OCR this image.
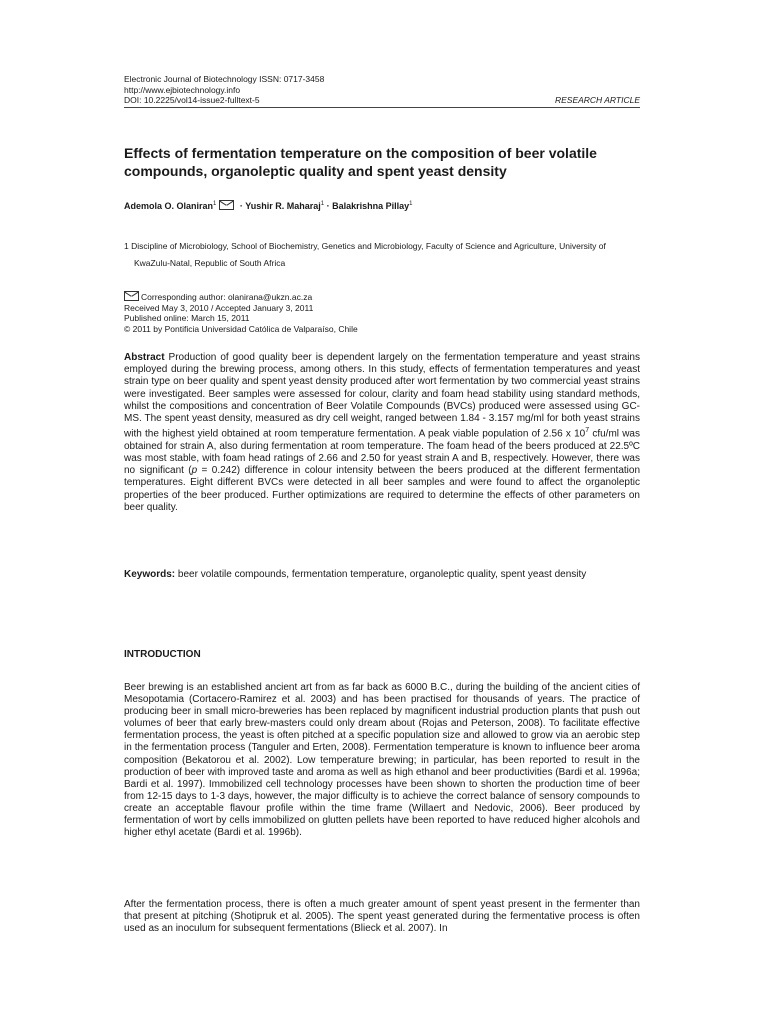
Electronic Journal of Biotechnology ISSN: 0717-3458
http://www.ejbiotechnology.info
DOI: 10.2225/vol14-issue2-fulltext-5	RESEARCH ARTICLE
Effects of fermentation temperature on the composition of beer volatile compounds, organoleptic quality and spent yeast density
Ademola O. Olaniran$^1$ · Yushir R. Maharaj$^1$ · Balakrishna Pillay$^1$
1 Discipline of Microbiology, School of Biochemistry, Genetics and Microbiology, Faculty of Science and Agriculture, University of
KwaZulu-Natal, Republic of South Africa
Corresponding author: olanirana@ukzn.ac.za
Received May 3, 2010 / Accepted January 3, 2011
Published online: March 15, 2011
© 2011 by Pontificia Universidad Católica de Valparaíso, Chile
Abstract Production of good quality beer is dependent largely on the fermentation temperature and yeast strains employed during the brewing process, among others. In this study, effects of fermentation temperatures and yeast strain type on beer quality and spent yeast density produced after wort fermentation by two commercial yeast strains were investigated. Beer samples were assessed for colour, clarity and foam head stability using standard methods, whilst the compositions and concentration of Beer Volatile Compounds (BVCs) produced were assessed using GC-MS. The spent yeast density, measured as dry cell weight, ranged between 1.84 - 3.157 mg/ml for both yeast strains with the highest yield obtained at room temperature fermentation. A peak viable population of 2.56 x $10^7$ cfu/ml was obtained for strain A, also during fermentation at room temperature. The foam head of the beers produced at 22.5ºC was most stable, with foam head ratings of 2.66 and 2.50 for yeast strain A and B, respectively. However, there was no significant (p = 0.242) difference in colour intensity between the beers produced at the different fermentation temperatures. Eight different BVCs were detected in all beer samples and were found to affect the organoleptic properties of the beer produced. Further optimizations are required to determine the effects of other parameters on beer quality.
Keywords: beer volatile compounds, fermentation temperature, organoleptic quality, spent yeast density
INTRODUCTION
Beer brewing is an established ancient art from as far back as 6000 B.C., during the building of the ancient cities of Mesopotamia (Cortacero-Ramirez et al. 2003) and has been practised for thousands of years. The practice of producing beer in small micro-breweries has been replaced by magnificent industrial production plants that push out volumes of beer that early brew-masters could only dream about (Rojas and Peterson, 2008). To facilitate effective fermentation process, the yeast is often pitched at a specific population size and allowed to grow via an aerobic step in the fermentation process (Tanguler and Erten, 2008). Fermentation temperature is known to influence beer aroma composition (Bekatorou et al. 2002). Low temperature brewing; in particular, has been reported to result in the production of beer with improved taste and aroma as well as high ethanol and beer productivities (Bardi et al. 1996a; Bardi et al. 1997). Immobilized cell technology processes have been shown to shorten the production time of beer from 12-15 days to 1-3 days, however, the major difficulty is to achieve the correct balance of sensory compounds to create an acceptable flavour profile within the time frame (Willaert and Nedovic, 2006). Beer produced by fermentation of wort by cells immobilized on glutten pellets have been reported to have reduced higher alcohols and higher ethyl acetate (Bardi et al. 1996b).
After the fermentation process, there is often a much greater amount of spent yeast present in the fermenter than that present at pitching (Shotipruk et al. 2005). The spent yeast generated during the fermentative process is often used as an inoculum for subsequent fermentations (Blieck et al. 2007). In
